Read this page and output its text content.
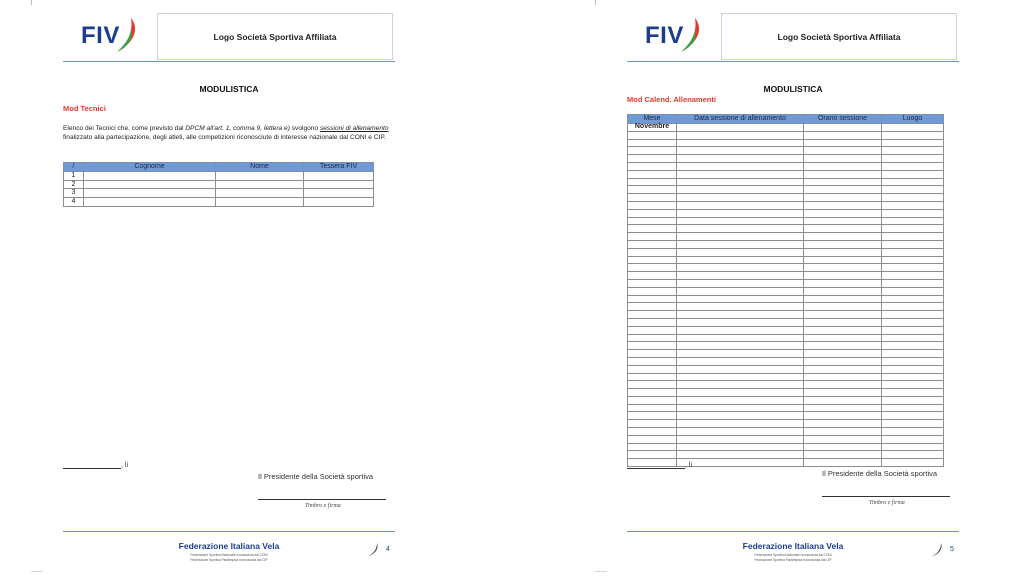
FIV	Logo Società Sportiva Affiliata
MODULISTICA
Mod Tecnici
Elenco dei Tecnici che, come previsto dal DPCM all'art. 1, comma 9, lettera e) svolgono sessioni di allenamento finalizzato alla partecipazione, degli atleti, alle competizioni riconosciute di interesse nazionale dal CONI e CIP.
/	Cognome	Nome	Tessera FIV
1			
2			
3			
4			
, li
Il Presidente della Società sportiva
Timbro e firma
Federazione Italiana Vela
Federazione Sportiva Nazionale riconosciuta dal CONI
Federazione Sportiva Paralimpica riconosciuta dal CIP
4
FIV	Logo Società Sportiva Affiliata
MODULISTICA
Mod Calend. Allenamenti
Mese	Data sessione di allenamento	Orario sessione	Luogo
Novembre			

, li
Il Presidente della Società sportiva
Timbro e firma
Federazione Italiana Vela
Federazione Sportiva Nazionale riconosciuta dal CONI
Federazione Sportiva Paralimpica riconosciuta dal CIP
5
